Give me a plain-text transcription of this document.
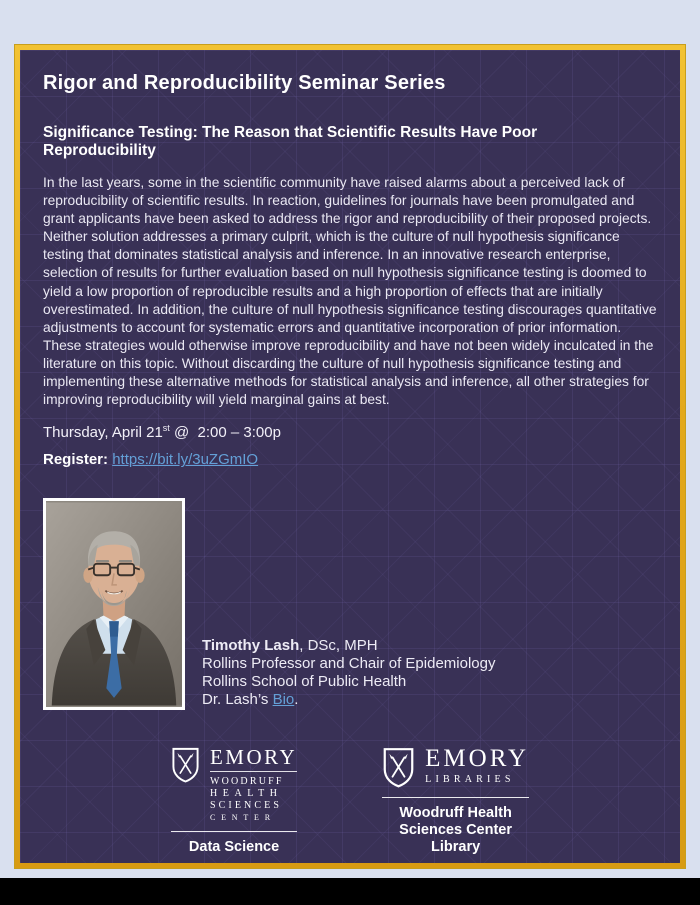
Rigor and Reproducibility Seminar Series
Significance Testing: The Reason that Scientific Results Have Poor Reproducibility

In the last years, some in the scientific community have raised alarms about a perceived lack of reproducibility of scientific results. In reaction, guidelines for journals have been promulgated and grant applicants have been asked to address the rigor and reproducibility of their proposed projects. Neither solution addresses a primary culprit, which is the culture of null hypothesis significance testing that dominates statistical analysis and inference. In an innovative research enterprise, selection of results for further evaluation based on null hypothesis significance testing is doomed to yield a low proportion of reproducible results and a high proportion of effects that are initially overestimated. In addition, the culture of null hypothesis significance testing discourages quantitative adjustments to account for systematic errors and quantitative incorporation of prior information. These strategies would otherwise improve reproducibility and have not been widely inculcated in the literature on this topic. Without discarding the culture of null hypothesis significance testing and implementing these alternative methods for statistical analysis and inference, all other strategies for improving reproducibility will yield marginal gains at best.

Thursday, April 21st @  2:00 – 3:00p
Register: https://bit.ly/3uZGmIO
Timothy Lash, DSc, MPH
Rollins Professor and Chair of Epidemiology
Rollins School of Public Health
Dr. Lash’s Bio.
EMORY
WOODRUFF
HEALTH
SCIENCES
CENTER
Data Science
EMORY
LIBRARIES
Woodruff Health
Sciences Center
Library
